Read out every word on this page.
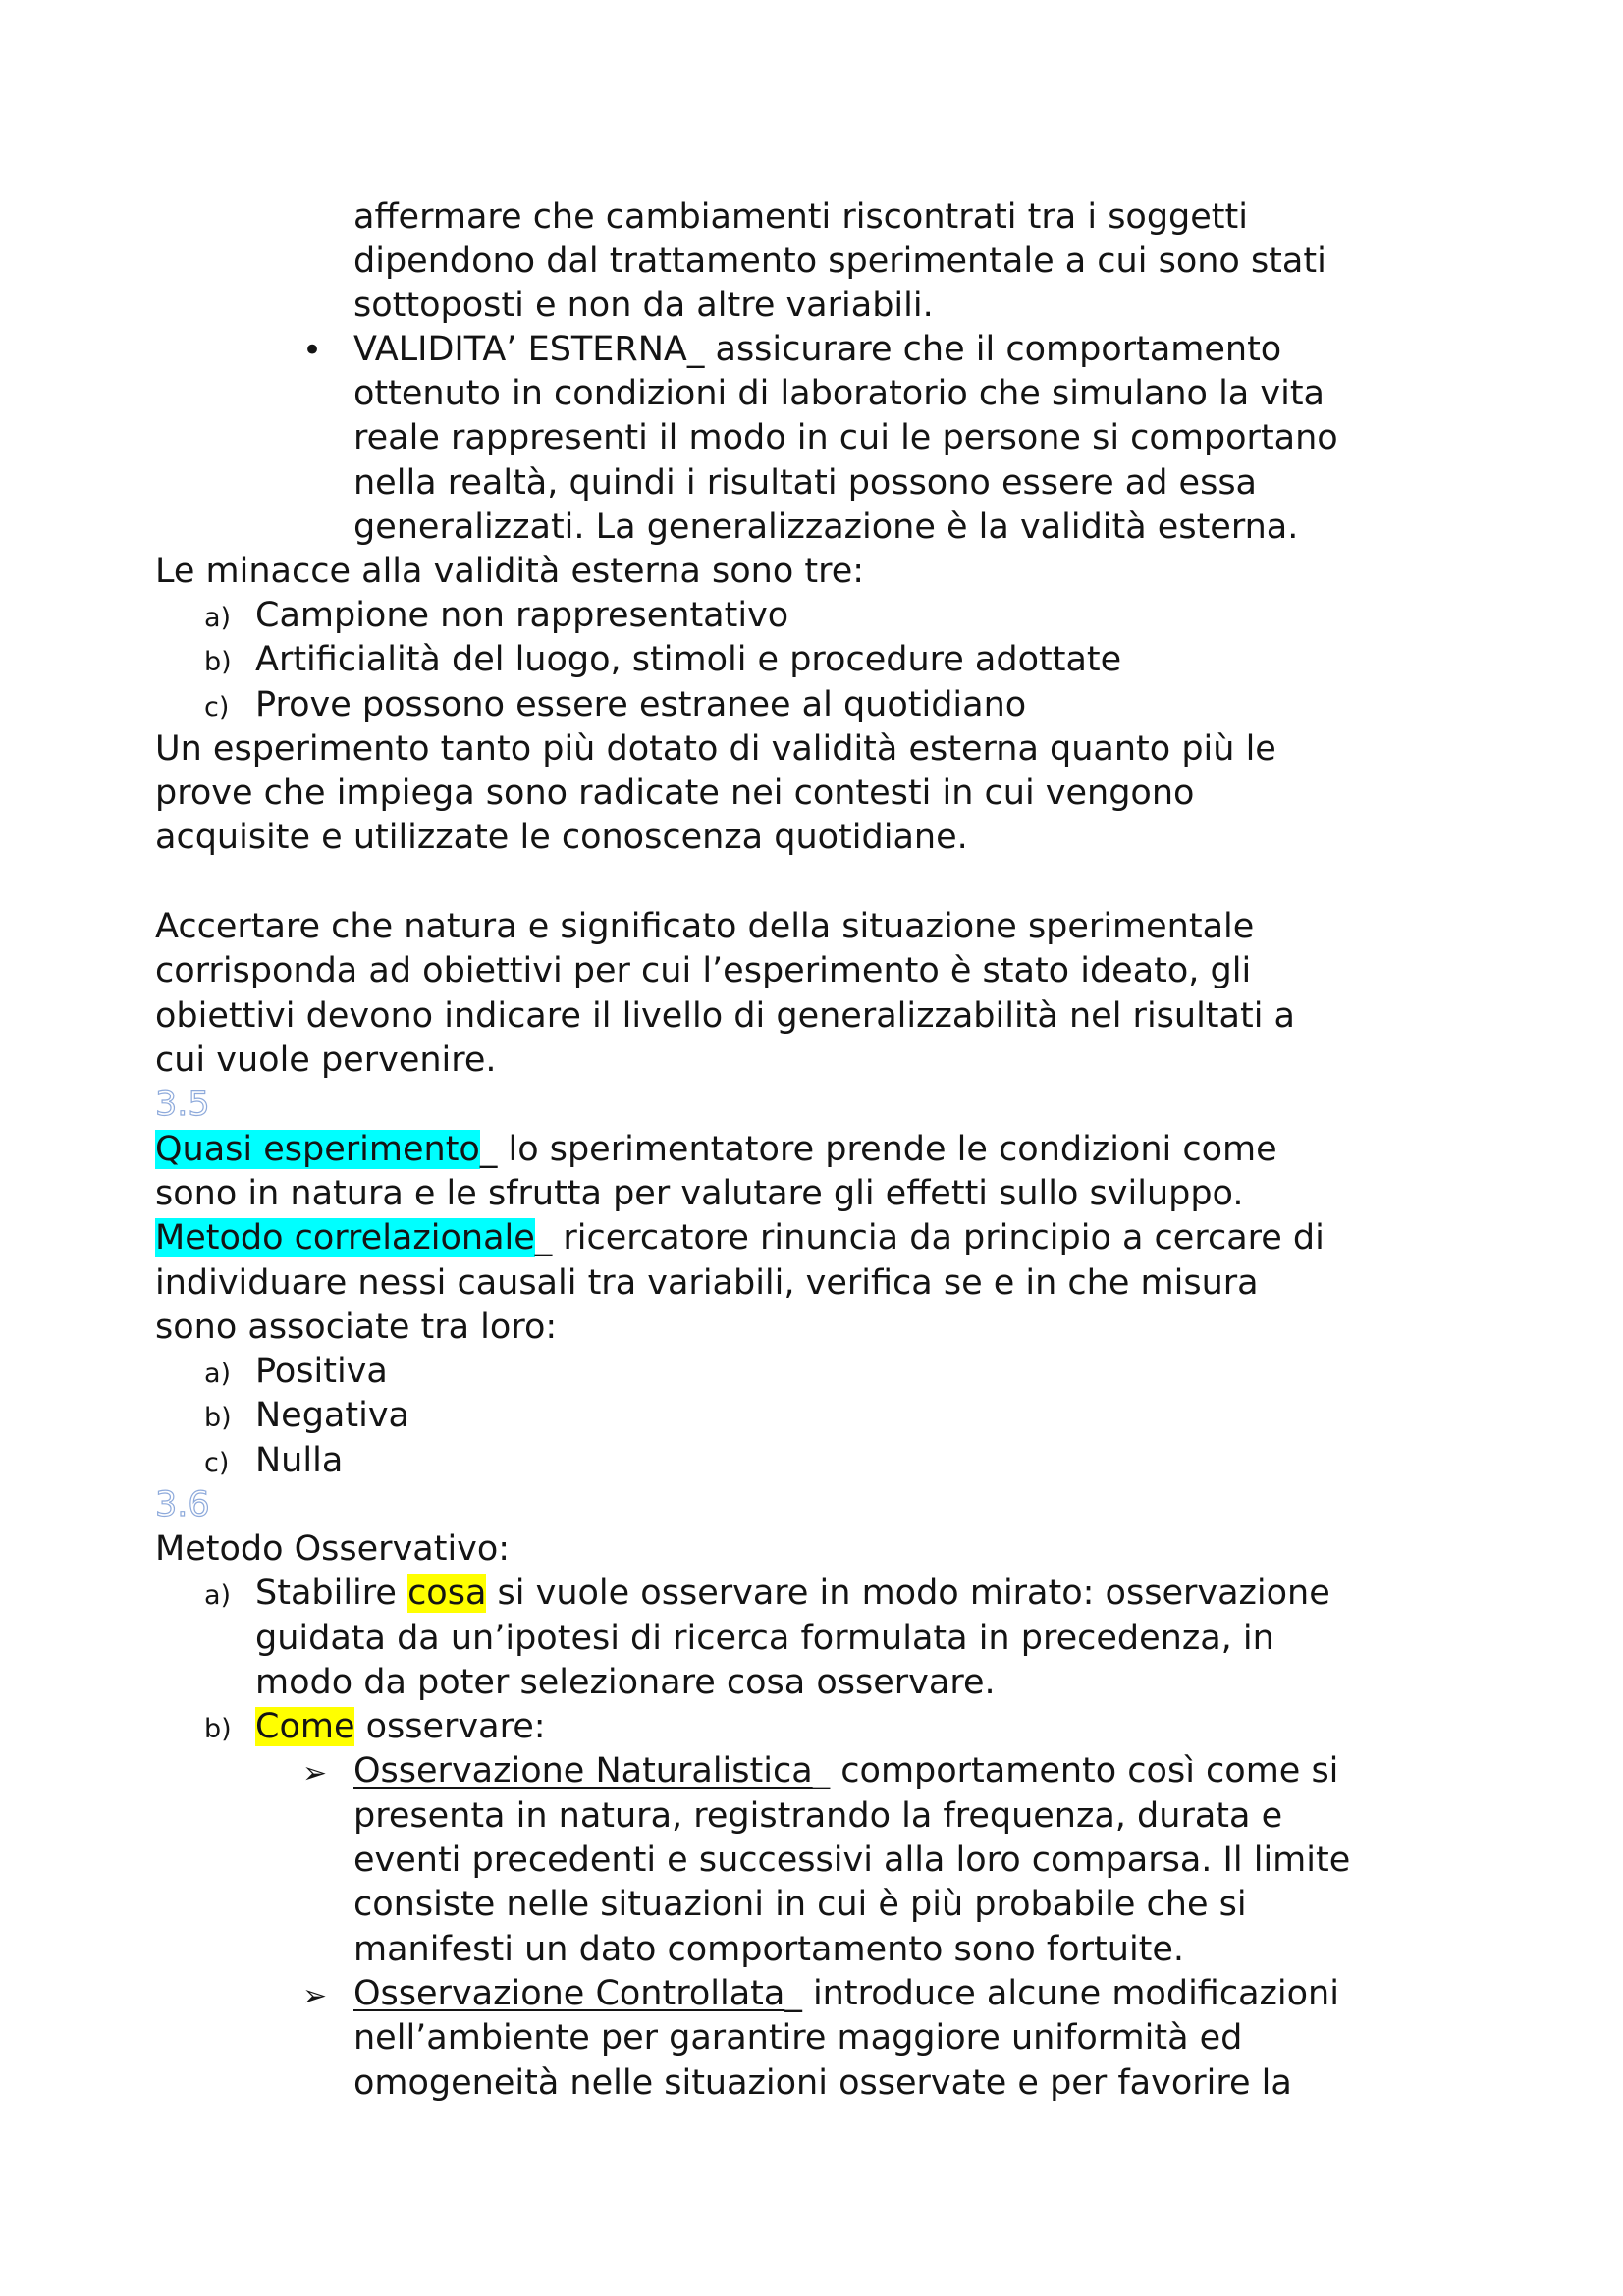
affermare che cambiamenti riscontrati tra i soggetti
dipendono dal trattamento sperimentale a cui sono stati
sottoposti e non da altre variabili.
• VALIDITA’ ESTERNA_ assicurare che il comportamento
ottenuto in condizioni di laboratorio che simulano la vita
reale rappresenti il modo in cui le persone si comportano
nella realtà, quindi i risultati possono essere ad essa
generalizzati. La generalizzazione è la validità esterna.
Le minacce alla validità esterna sono tre:
a) Campione non rappresentativo
b) Artificialità del luogo, stimoli e procedure adottate
c) Prove possono essere estranee al quotidiano
Un esperimento tanto più dotato di validità esterna quanto più le
prove che impiega sono radicate nei contesti in cui vengono
acquisite e utilizzate le conoscenza quotidiane.
Accertare che natura e significato della situazione sperimentale
corrisponda ad obiettivi per cui l’esperimento è stato ideato, gli
obiettivi devono indicare il livello di generalizzabilità nel risultati a
cui vuole pervenire.
3.5
Quasi esperimento_ lo sperimentatore prende le condizioni come
sono in natura e le sfrutta per valutare gli effetti sullo sviluppo.
Metodo correlazionale_ ricercatore rinuncia da principio a cercare di
individuare nessi causali tra variabili, verifica se e in che misura
sono associate tra loro:
a) Positiva
b) Negativa
c) Nulla
3.6
Metodo Osservativo:
a) Stabilire cosa si vuole osservare in modo mirato: osservazione
guidata da un’ipotesi di ricerca formulata in precedenza, in
modo da poter selezionare cosa osservare.
b) Come osservare:
➢ Osservazione Naturalistica_ comportamento così come si
presenta in natura, registrando la frequenza, durata e
eventi precedenti e successivi alla loro comparsa. Il limite
consiste nelle situazioni in cui è più probabile che si
manifesti un dato comportamento sono fortuite.
➢ Osservazione Controllata_ introduce alcune modificazioni
nell’ambiente per garantire maggiore uniformità ed
omogeneità nelle situazioni osservate e per favorire la
